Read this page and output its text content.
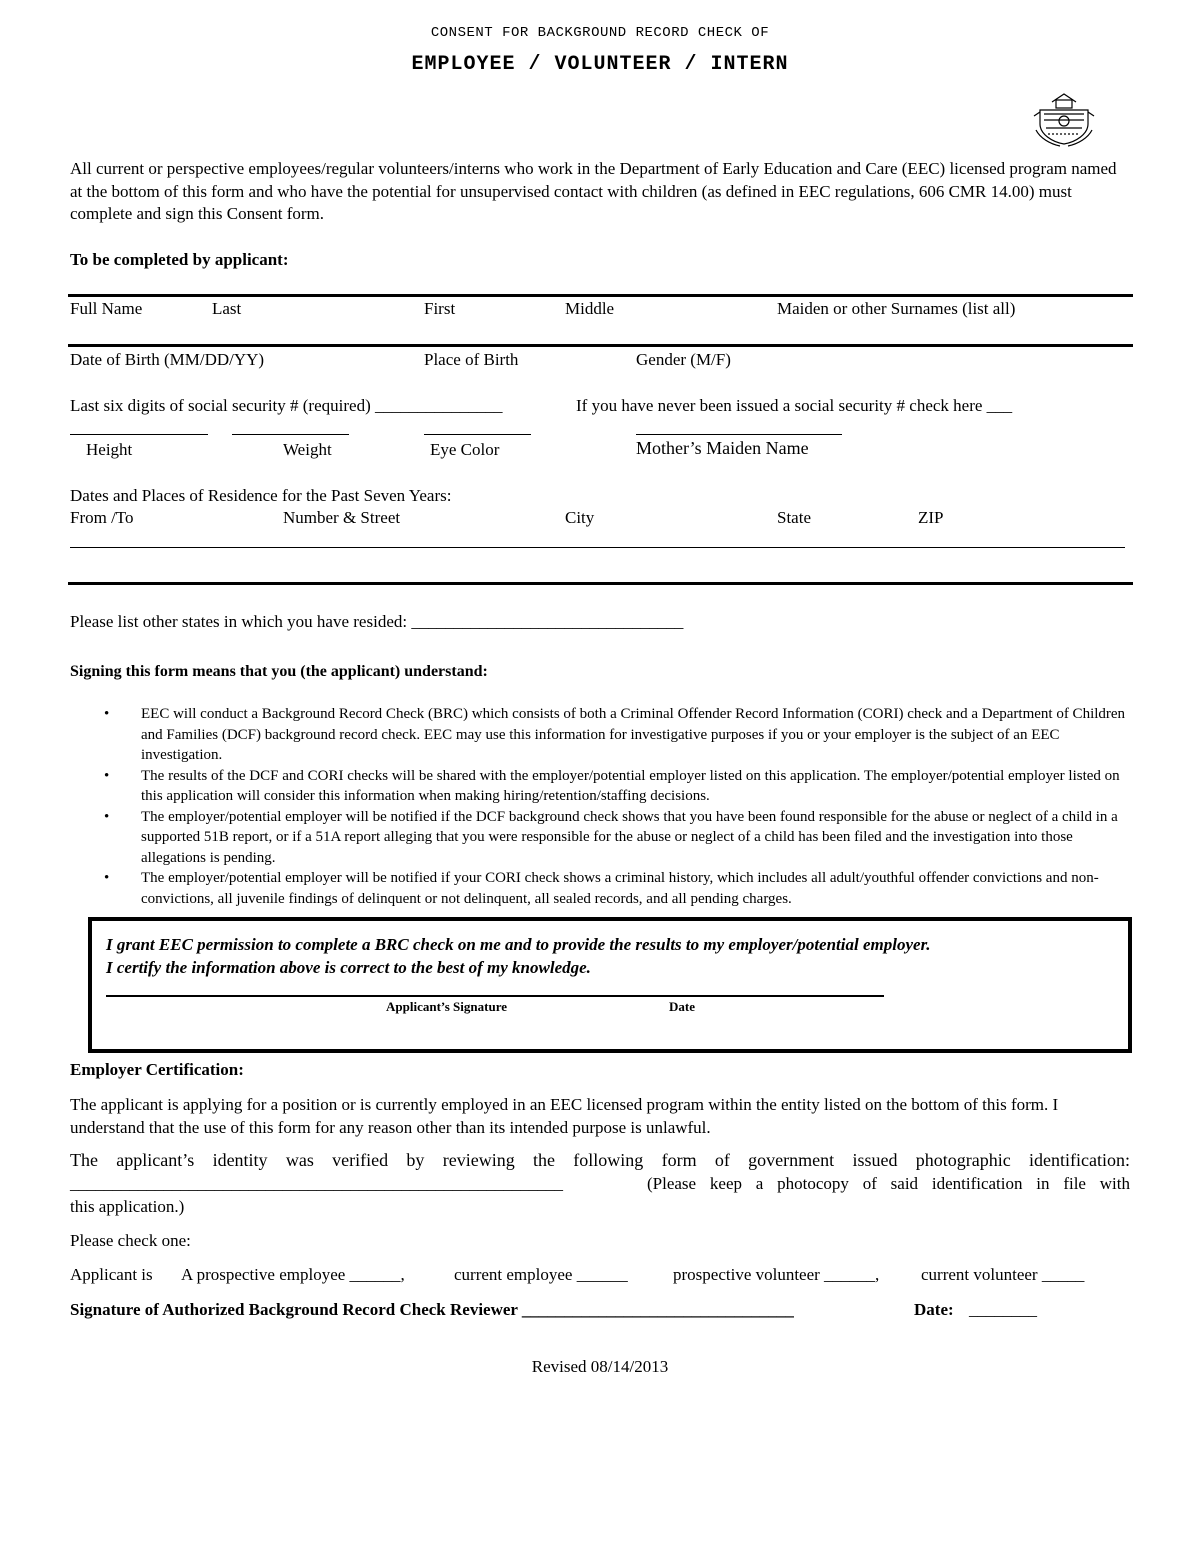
CONSENT FOR BACKGROUND RECORD CHECK OF
EMPLOYEE / VOLUNTEER / INTERN
All current or perspective employees/regular volunteers/interns who work in the Department of Early Education and Care (EEC) licensed program named at the bottom of this form and who have the potential for unsupervised contact with children (as defined in EEC regulations, 606 CMR 14.00) must complete and sign this Consent form.
To be completed by applicant:
Full Name	Last	First	Middle	Maiden or other Surnames (list all)
Date of Birth (MM/DD/YY)	Place of Birth	Gender (M/F)
Last six digits of social security # (required) _______________	If you have never been issued a social security # check here ___
Height	Weight	Eye Color	Mother’s Maiden Name
Dates and Places of Residence for the Past Seven Years:
From /To	Number & Street	City	State	ZIP
Please list other states in which you have resided: ________________________________
Signing this form means that you (the applicant) understand:
• EEC will conduct a Background Record Check (BRC) which consists of both a Criminal Offender Record Information (CORI) check and a Department of Children and Families (DCF) background record check. EEC may use this information for investigative purposes if you or your employer is the subject of an EEC investigation.
• The results of the DCF and CORI checks will be shared with the employer/potential employer listed on this application. The employer/potential employer listed on this application will consider this information when making hiring/retention/staffing decisions.
• The employer/potential employer will be notified if the DCF background check shows that you have been found responsible for the abuse or neglect of a child in a supported 51B report, or if a 51A report alleging that you were responsible for the abuse or neglect of a child has been filed and the investigation into those allegations is pending.
• The employer/potential employer will be notified if your CORI check shows a criminal history, which includes all adult/youthful offender convictions and non-convictions, all juvenile findings of delinquent or not delinquent, all sealed records, and all pending charges.
I grant EEC permission to complete a BRC check on me and to provide the results to my employer/potential employer.
I certify the information above is correct to the best of my knowledge.
Applicant’s Signature	Date
Employer Certification:
The applicant is applying for a position or is currently employed in an EEC licensed program within the entity listed on the bottom of this form. I understand that the use of this form for any reason other than its intended purpose is unlawful.
The applicant’s identity was verified by reviewing the following form of government issued photographic identification:
__________________________________________________________	(Please keep a photocopy of said identification in file with
this application.)
Please check one:
Applicant is A prospective employee ______,	current employee ______	prospective volunteer ______, current volunteer _____
Signature of Authorized Background Record Check Reviewer ________________________________	Date: ________
Revised 08/14/2013
